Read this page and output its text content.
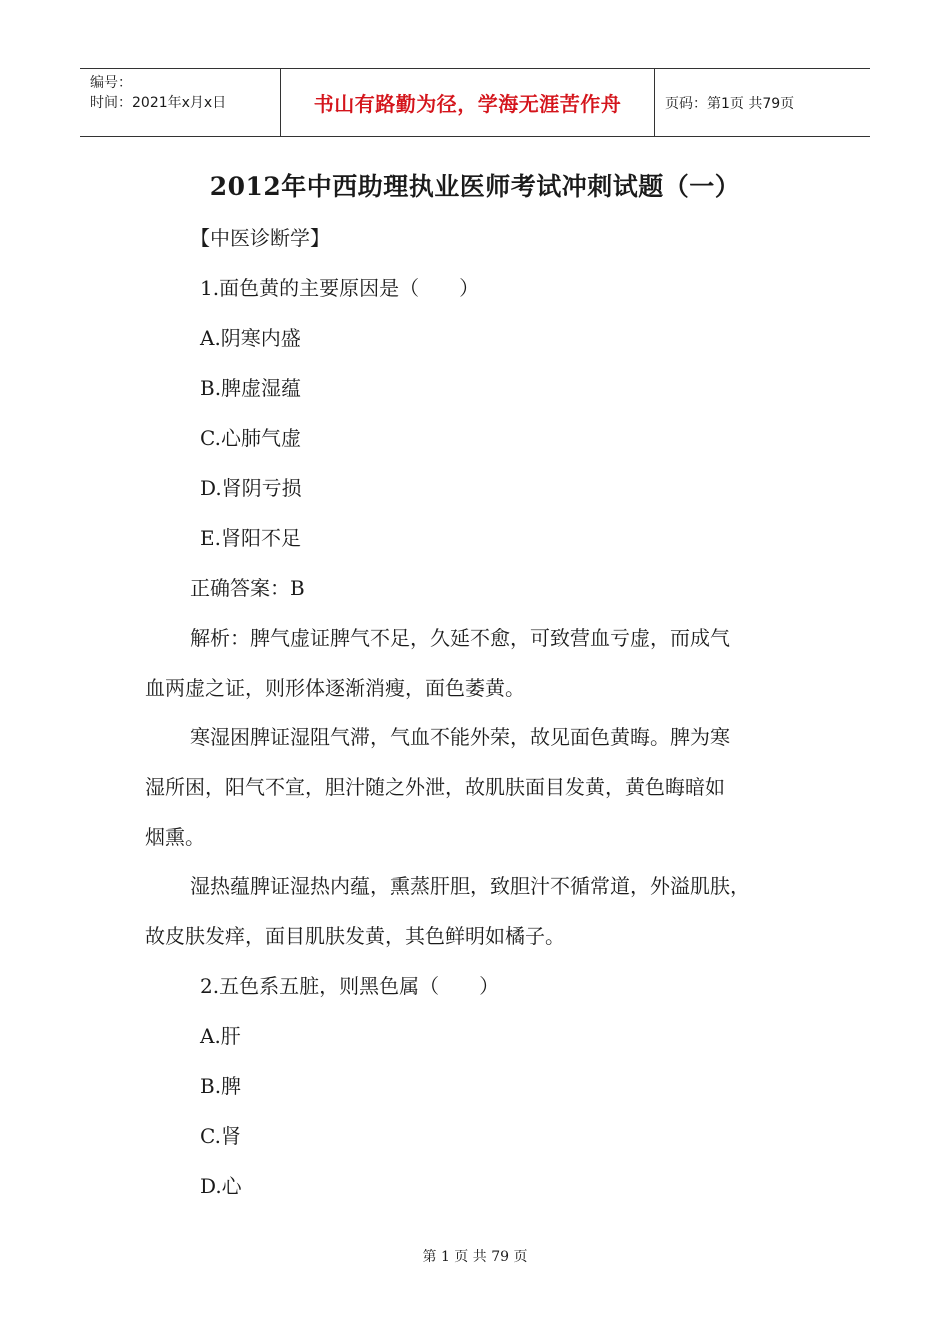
编号：
时间：2021年x月x日	书山有路勤为径，学海无涯苦作舟	页码：第1页 共79页
2012年中西助理执业医师考试冲刺试题（一）
【中医诊断学】
1.面色黄的主要原因是（　　）
A.阴寒内盛
B.脾虚湿蕴
C.心肺气虚
D.肾阴亏损
E.肾阳不足
正确答案：B
解析：脾气虚证脾气不足，久延不愈，可致营血亏虚，而成气
血两虚之证，则形体逐渐消瘦，面色萎黄。
寒湿困脾证湿阻气滞，气血不能外荣，故见面色黄晦。脾为寒
湿所困，阳气不宣，胆汁随之外泄，故肌肤面目发黄，黄色晦暗如
烟熏。
湿热蕴脾证湿热内蕴，熏蒸肝胆，致胆汁不循常道，外溢肌肤，
故皮肤发痒，面目肌肤发黄，其色鲜明如橘子。
2.五色系五脏，则黑色属（　　）
A.肝
B.脾
C.肾
D.心
第 1 页 共 79 页
